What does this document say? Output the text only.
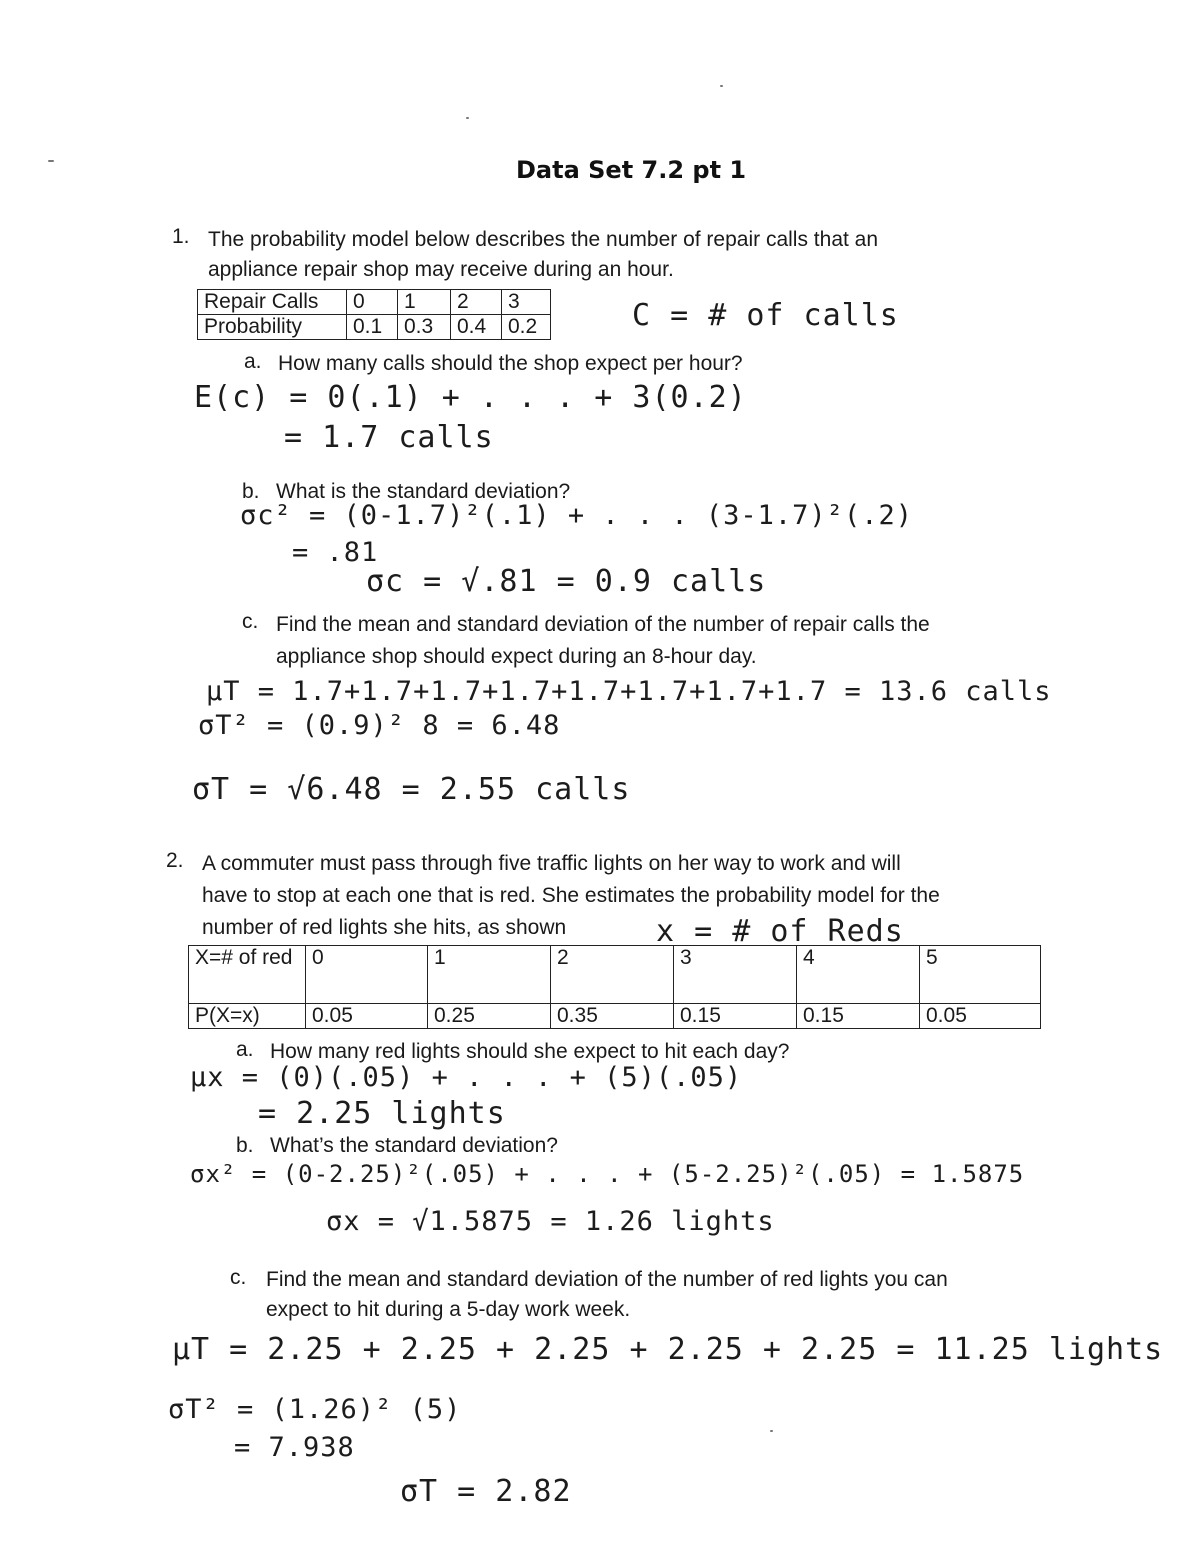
Data Set 7.2 pt 1
1. The probability model below describes the number of repair calls that an
appliance repair shop may receive during an hour.
Repair Calls	0	1	2	3
Probability	0.1	0.3	0.4	0.2	C = # of calls
a. How many calls should the shop expect per hour?
E(c) = 0(.1) + . . . + 3(0.2)
= 1.7 calls
b. What is the standard deviation?
σc² = (0-1.7)²(.1) + . . . (3-1.7)²(.2)
= .81
σc = √.81 = 0.9 calls
c. Find the mean and standard deviation of the number of repair calls the
appliance shop should expect during an 8-hour day.
μT = 1.7+1.7+1.7+1.7+1.7+1.7+1.7+1.7 = 13.6 calls
σT² = (0.9)² 8 = 6.48
σT = √6.48 = 2.55 calls
2. A commuter must pass through five traffic lights on her way to work and will
have to stop at each one that is red. She estimates the probability model for the
number of red lights she hits, as shown	x = # of Reds
X=# of red	0	1	2	3	4	5
P(X=x)	0.05	0.25	0.35	0.15	0.15	0.05
a. How many red lights should she expect to hit each day?
μx = (0)(.05) + . . . + (5)(.05)
= 2.25 lights
b. What’s the standard deviation?
σx² = (0-2.25)²(.05) + . . . + (5-2.25)²(.05) = 1.5875
σx = √1.5875 = 1.26 lights
c. Find the mean and standard deviation of the number of red lights you can
expect to hit during a 5-day work week.
μT = 2.25 + 2.25 + 2.25 + 2.25 + 2.25 = 11.25 lights
σT² = (1.26)² (5)
= 7.938
σT = 2.82
